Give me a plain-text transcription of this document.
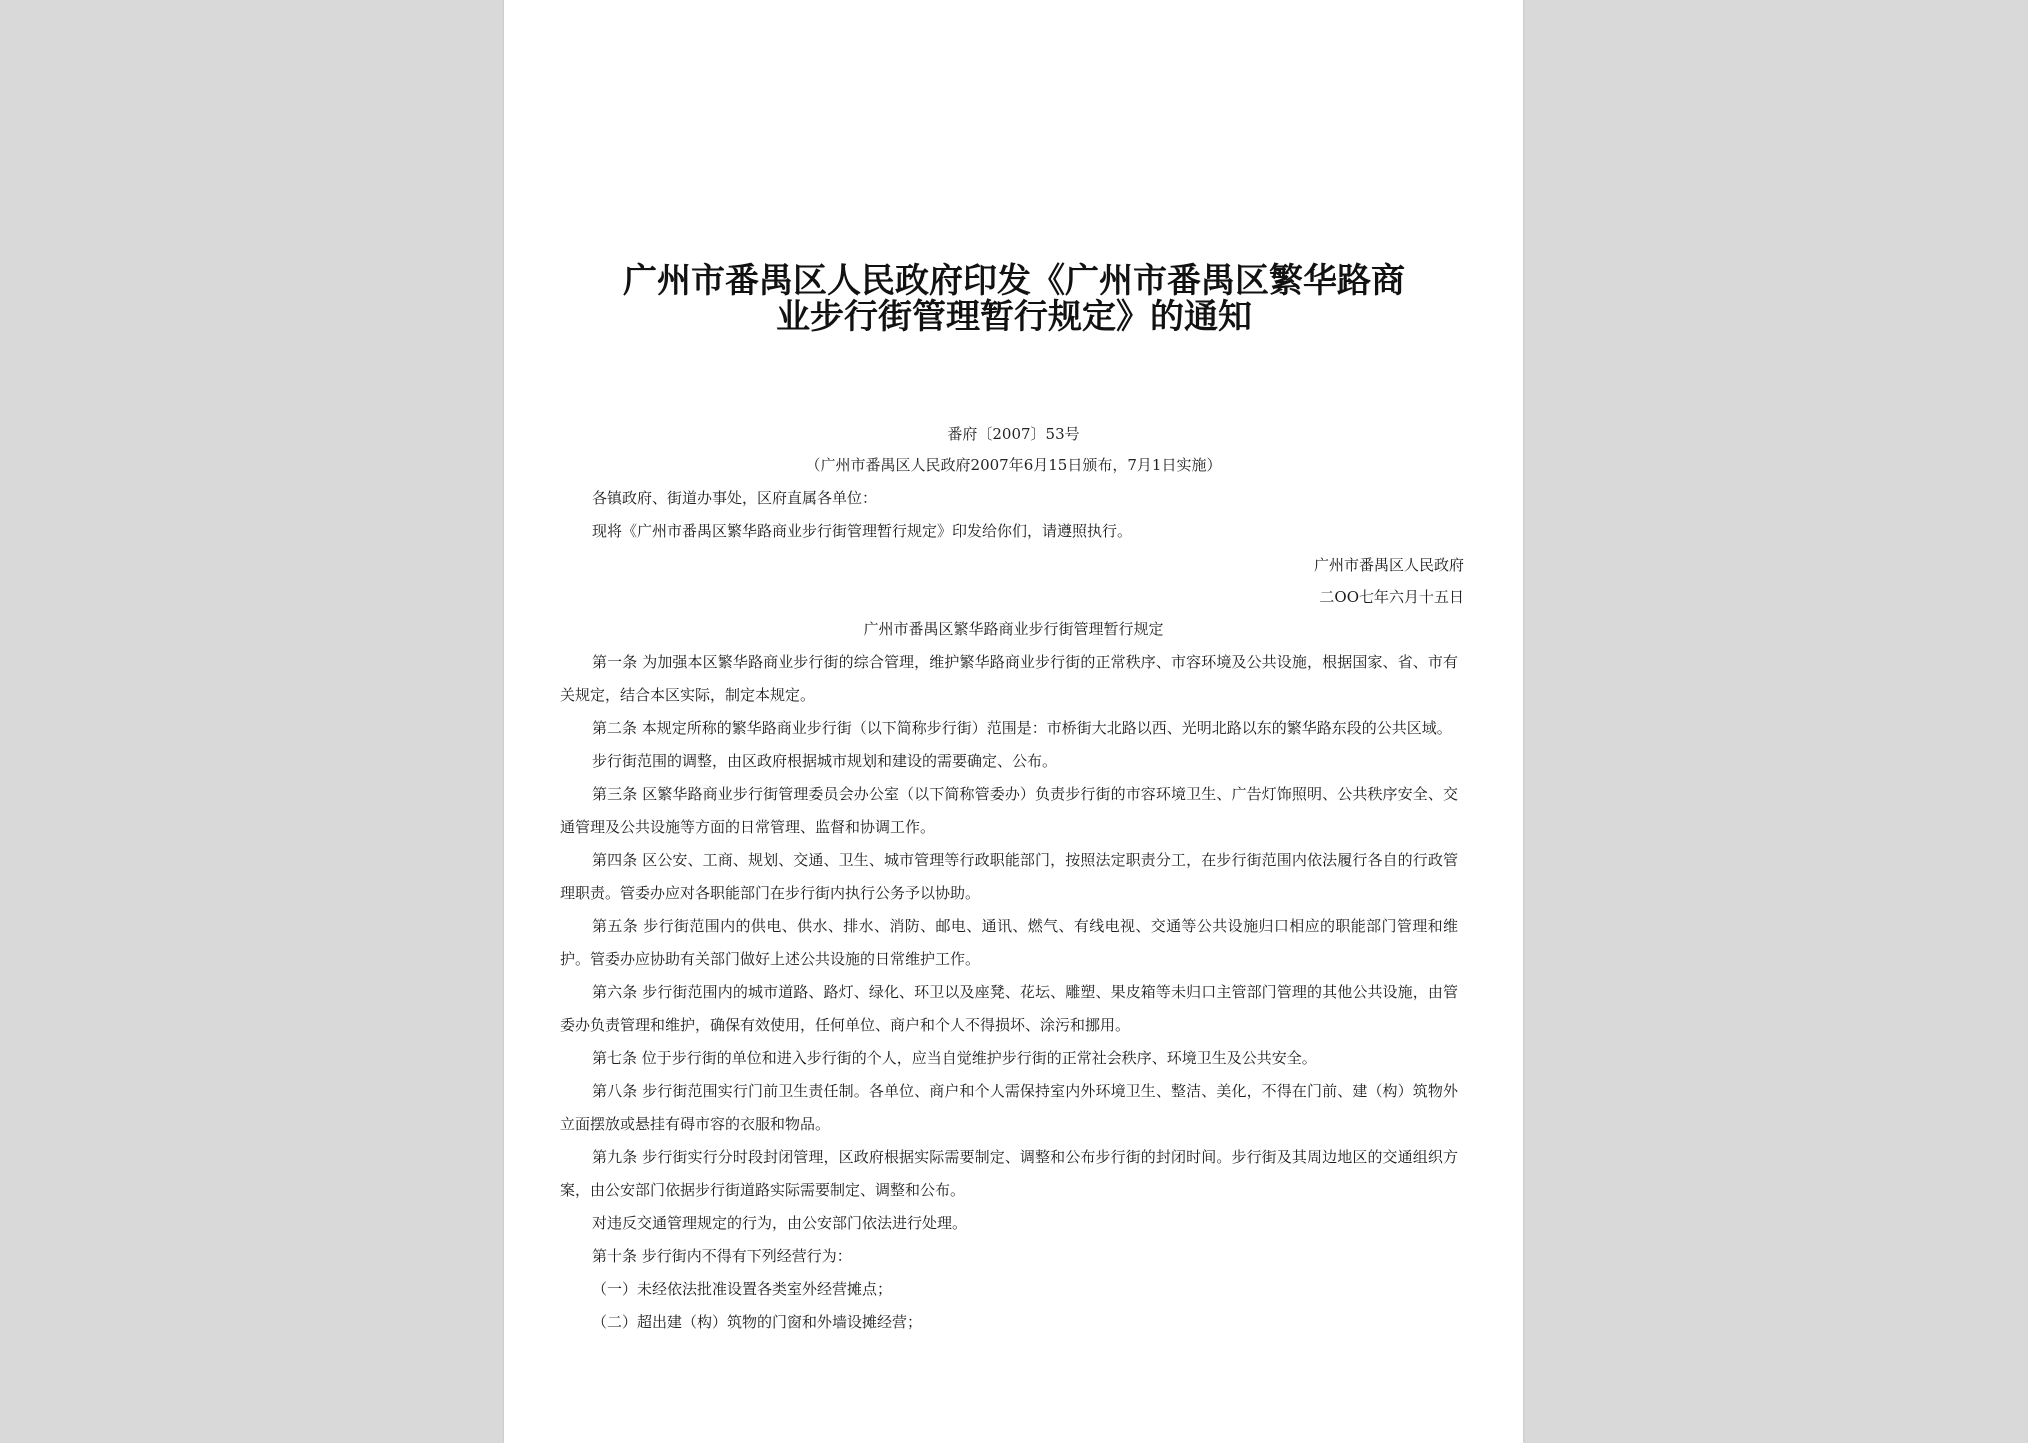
广州市番禺区人民政府印发《广州市番禺区繁华路商
业步行街管理暂行规定》的通知
番府〔2007〕53号
（广州市番禺区人民政府2007年6月15日颁布，7月1日实施）

各镇政府、街道办事处，区府直属各单位：

现将《广州市番禺区繁华路商业步行街管理暂行规定》印发给你们，请遵照执行。

广州市番禺区人民政府
二OO七年六月十五日
广州市番禺区繁华路商业步行街管理暂行规定

第一条 为加强本区繁华路商业步行街的综合管理，维护繁华路商业步行街的正常秩序、市容环境及公共设施，根据国家、省、市有关规定，结合本区实际，制定本规定。

第二条 本规定所称的繁华路商业步行街（以下简称步行街）范围是：市桥街大北路以西、光明北路以东的繁华路东段的公共区域。

步行街范围的调整，由区政府根据城市规划和建设的需要确定、公布。

第三条 区繁华路商业步行街管理委员会办公室（以下简称管委办）负责步行街的市容环境卫生、广告灯饰照明、公共秩序安全、交通管理及公共设施等方面的日常管理、监督和协调工作。

第四条 区公安、工商、规划、交通、卫生、城市管理等行政职能部门，按照法定职责分工，在步行街范围内依法履行各自的行政管理职责。管委办应对各职能部门在步行街内执行公务予以协助。

第五条 步行街范围内的供电、供水、排水、消防、邮电、通讯、燃气、有线电视、交通等公共设施归口相应的职能部门管理和维护。管委办应协助有关部门做好上述公共设施的日常维护工作。

第六条 步行街范围内的城市道路、路灯、绿化、环卫以及座凳、花坛、雕塑、果皮箱等未归口主管部门管理的其他公共设施，由管委办负责管理和维护，确保有效使用，任何单位、商户和个人不得损坏、涂污和挪用。

第七条 位于步行街的单位和进入步行街的个人，应当自觉维护步行街的正常社会秩序、环境卫生及公共安全。

第八条 步行街范围实行门前卫生责任制。各单位、商户和个人需保持室内外环境卫生、整洁、美化，不得在门前、建（构）筑物外立面摆放或悬挂有碍市容的衣服和物品。

第九条 步行街实行分时段封闭管理，区政府根据实际需要制定、调整和公布步行街的封闭时间。步行街及其周边地区的交通组织方案，由公安部门依据步行街道路实际需要制定、调整和公布。

对违反交通管理规定的行为，由公安部门依法进行处理。

第十条 步行街内不得有下列经营行为：

（一）未经依法批准设置各类室外经营摊点；

（二）超出建（构）筑物的门窗和外墙设摊经营；
